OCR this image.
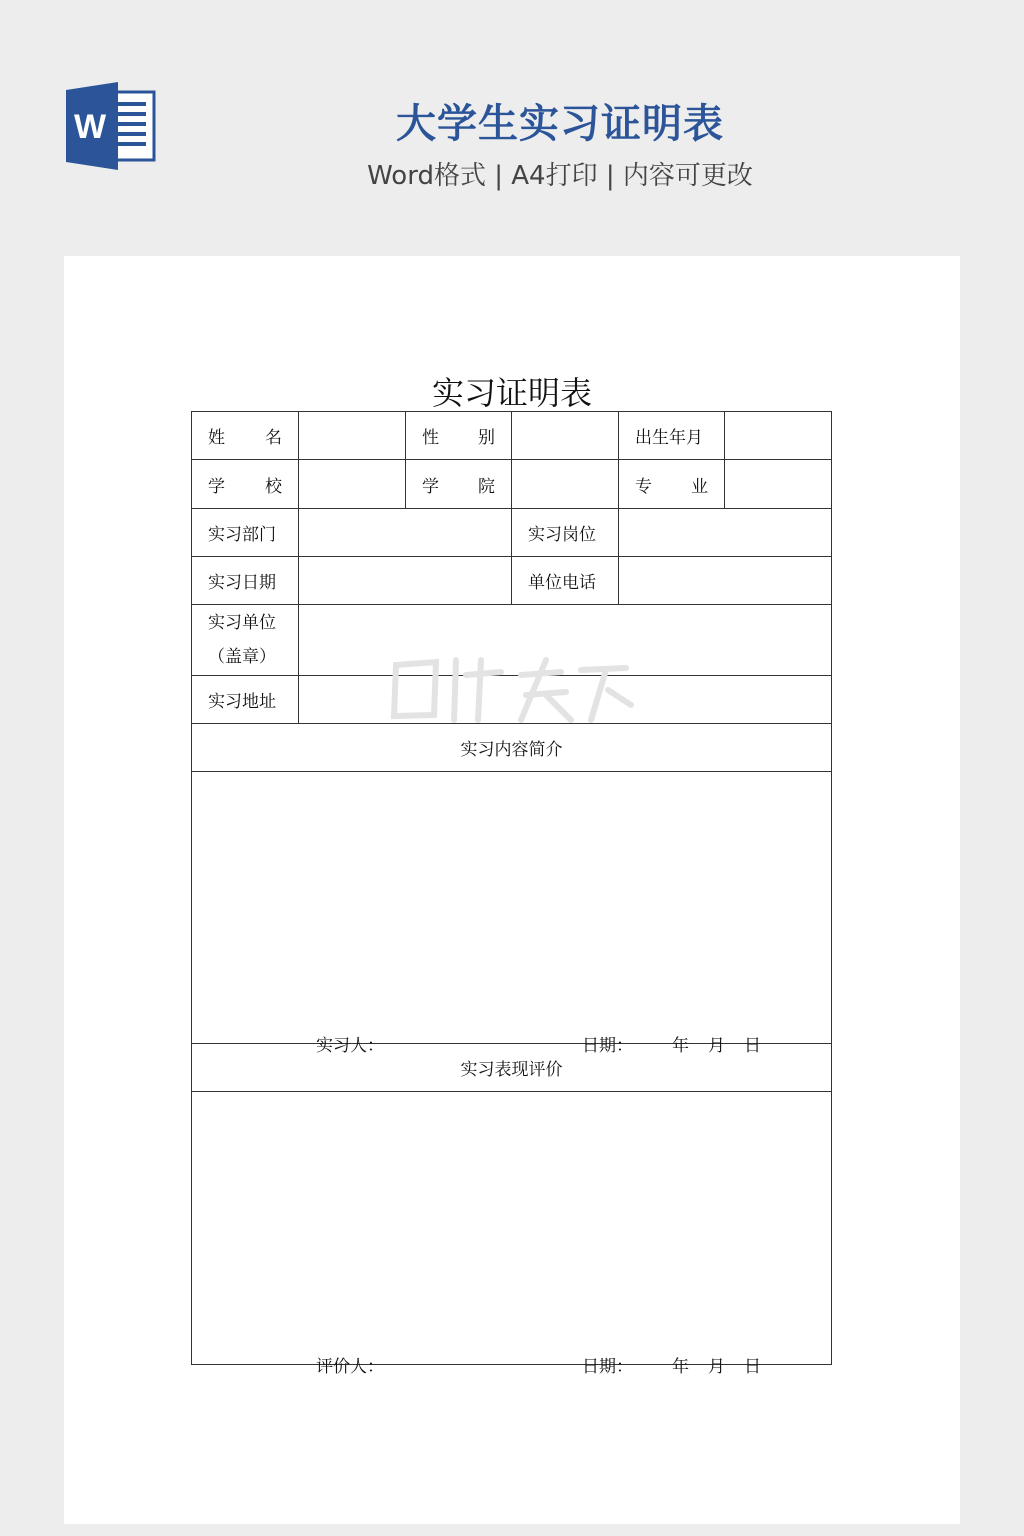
W	大学生实习证明表
Word格式 | A4打印 | 内容可更改
实习证明表
姓　名		性　别		出生年月	

学　校		学　院		专　业	

实习部门			实习岗位		
实习日期			单位电话		

实习单位
（盖章）					

实习地址					
实习内容简介					

实习人： 日期： 年 月 日					

实习表现评价					

评价人： 日期： 年 月 日					
